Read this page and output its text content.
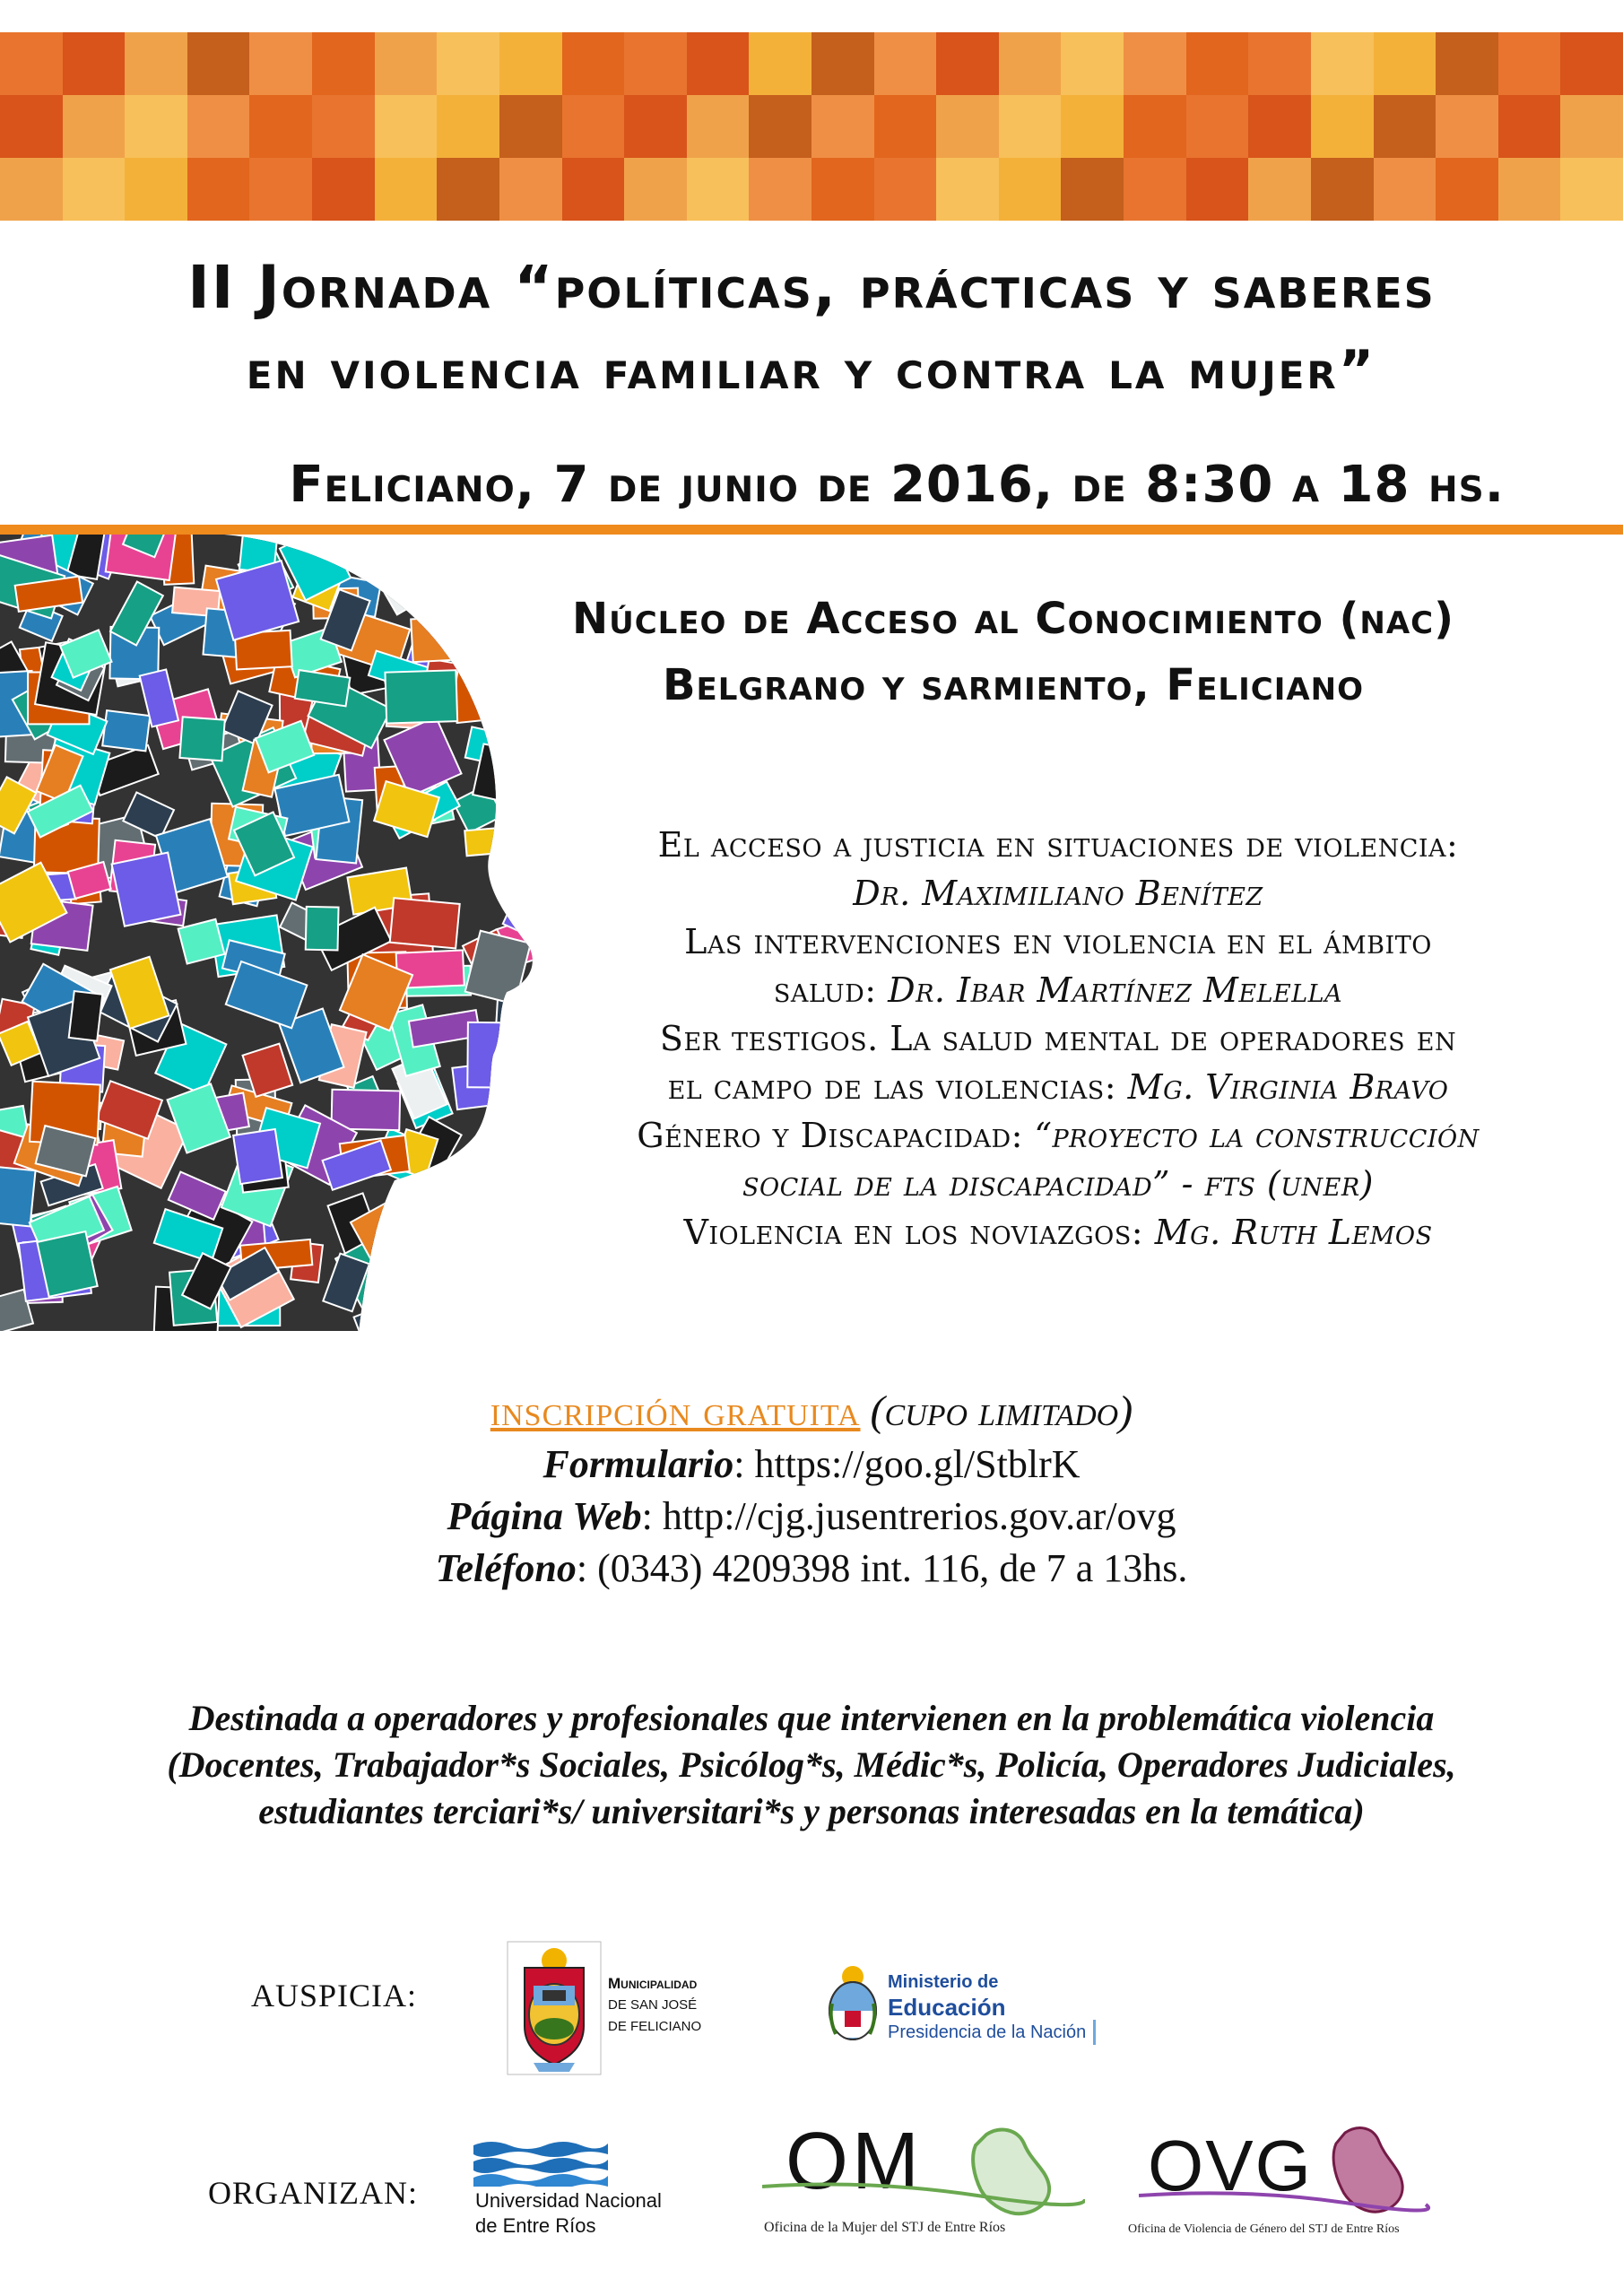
II Jornada “políticas, prácticas y saberes
en violencia familiar y contra la mujer”
Feliciano, 7 de junio de 2016, de 8:30 a 18 hs.
Núcleo de Acceso al Conocimiento (nac)
Belgrano y sarmiento, Feliciano
El acceso a justicia en situaciones de violencia:
Dr. Maximiliano Benítez
Las intervenciones en violencia en el ámbito
salud: Dr. Ibar Martínez Melella
Ser testigos. La salud mental de operadores en
el campo de las violencias: Mg. Virginia Bravo
Género y Discapacidad: “proyecto la construcción
social de la discapacidad” - fts (uner)
Violencia en los noviazgos: Mg. Ruth Lemos
inscripción gratuita (cupo limitado)
Formulario: https://goo.gl/StblrK
Página Web: http://cjg.jusentrerios.gov.ar/ovg
Teléfono: (0343) 4209398 int. 116, de 7 a 13hs.
Destinada a operadores y profesionales que intervienen en la problemática violencia
(Docentes, Trabajador*s Sociales, Psicólog*s, Médic*s, Policía, Operadores Judiciales,
estudiantes terciari*s/ universitari*s y personas interesadas en la temática)
AUSPICIA:	Municipalidad
DE SAN JOSÉ
DE FELICIANO
Ministerio de
Educación
Presidencia de la Nación
ORGANIZAN:	Universidad Nacional
de Entre Ríos
OM
Oficina de la Mujer del STJ de Entre Ríos
OVG
Oficina de Violencia de Género del STJ de Entre Ríos
